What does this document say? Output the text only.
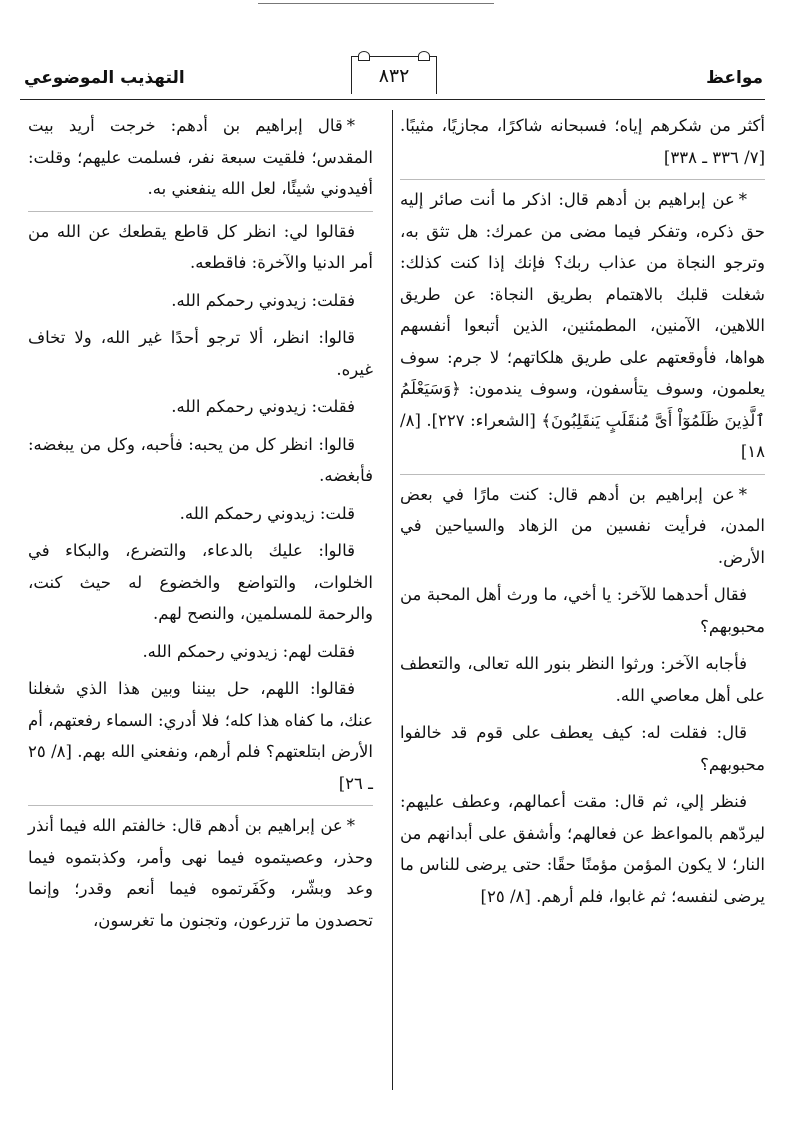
مواعظ
٨٣٢
التهذيب الموضوعي

أكثر من شكرهم إياه؛ فسبحانه شاكرًا، مجازيًا، مثيبًا. [٧/ ٣٣٦ ـ ٣٣٨]

*عن إبراهيم بن أدهم قال: اذكر ما أنت صائر إليه حق ذكره، وتفكر فيما مضى من عمرك: هل تثق به، وترجو النجاة من عذاب ربك؟ فإنك إذا كنت كذلك: شغلت قلبك بالاهتمام بطريق النجاة: عن طريق اللاهين، الآمنين، المطمئنين، الذين أتبعوا أنفسهم هواها، فأوقعتهم على طريق هلكاتهم؛ لا جرم: سوف يعلمون، وسوف يتأسفون، وسوف يندمون: ﴿وَسَيَعْلَمُ ٱلَّذِينَ ظَلَمُوٓاْ أَىَّ مُنقَلَبٍ يَنقَلِبُونَ﴾ [الشعراء: ٢٢٧]. [٨/ ١٨]

*عن إبراهيم بن أدهم قال: كنت مارًا في بعض المدن، فرأيت نفسين من الزهاد والسياحين في الأرض.

فقال أحدهما للآخر: يا أخي، ما ورث أهل المحبة من محبوبهم؟

فأجابه الآخر: ورثوا النظر بنور الله تعالى، والتعطف على أهل معاصي الله.

قال: فقلت له: كيف يعطف على قوم قد خالفوا محبوبهم؟

فنظر إلي، ثم قال: مقت أعمالهم، وعطف عليهم: ليردّهم بالمواعظ عن فعالهم؛ وأشفق على أبدانهم من النار؛ لا يكون المؤمن مؤمنًا حقًا: حتى يرضى للناس ما يرضى لنفسه؛ ثم غابوا، فلم أرهم. [٨/ ٢٥]

*قال إبراهيم بن أدهم: خرجت أريد بيت المقدس؛ فلقيت سبعة نفر، فسلمت عليهم؛ وقلت: أفيدوني شيئًا، لعل الله ينفعني به.

فقالوا لي: انظر كل قاطع يقطعك عن الله من أمر الدنيا والآخرة: فاقطعه.

فقلت: زيدوني رحمكم الله.

قالوا: انظر، ألا ترجو أحدًا غير الله، ولا تخاف غيره.

فقلت: زيدوني رحمكم الله.

قالوا: انظر كل من يحبه: فأحبه، وكل من يبغضه: فأبغضه.

قلت: زيدوني رحمكم الله.

قالوا: عليك بالدعاء، والتضرع، والبكاء في الخلوات، والتواضع والخضوع له حيث كنت، والرحمة للمسلمين، والنصح لهم.

فقلت لهم: زيدوني رحمكم الله.

فقالوا: اللهم، حل بيننا وبين هذا الذي شغلنا عنك، ما كفاه هذا كله؛ فلا أدري: السماء رفعتهم، أم الأرض ابتلعتهم؟ فلم أرهم، ونفعني الله بهم. [٨/ ٢٥ ـ ٢٦]

*عن إبراهيم بن أدهم قال: خالفتم الله فيما أنذر وحذر، وعصيتموه فيما نهى وأمر، وكذبتموه فيما وعد وبشّر، وكَفَرتموه فيما أنعم وقدر؛ وإنما تحصدون ما تزرعون، وتجنون ما تغرسون،
